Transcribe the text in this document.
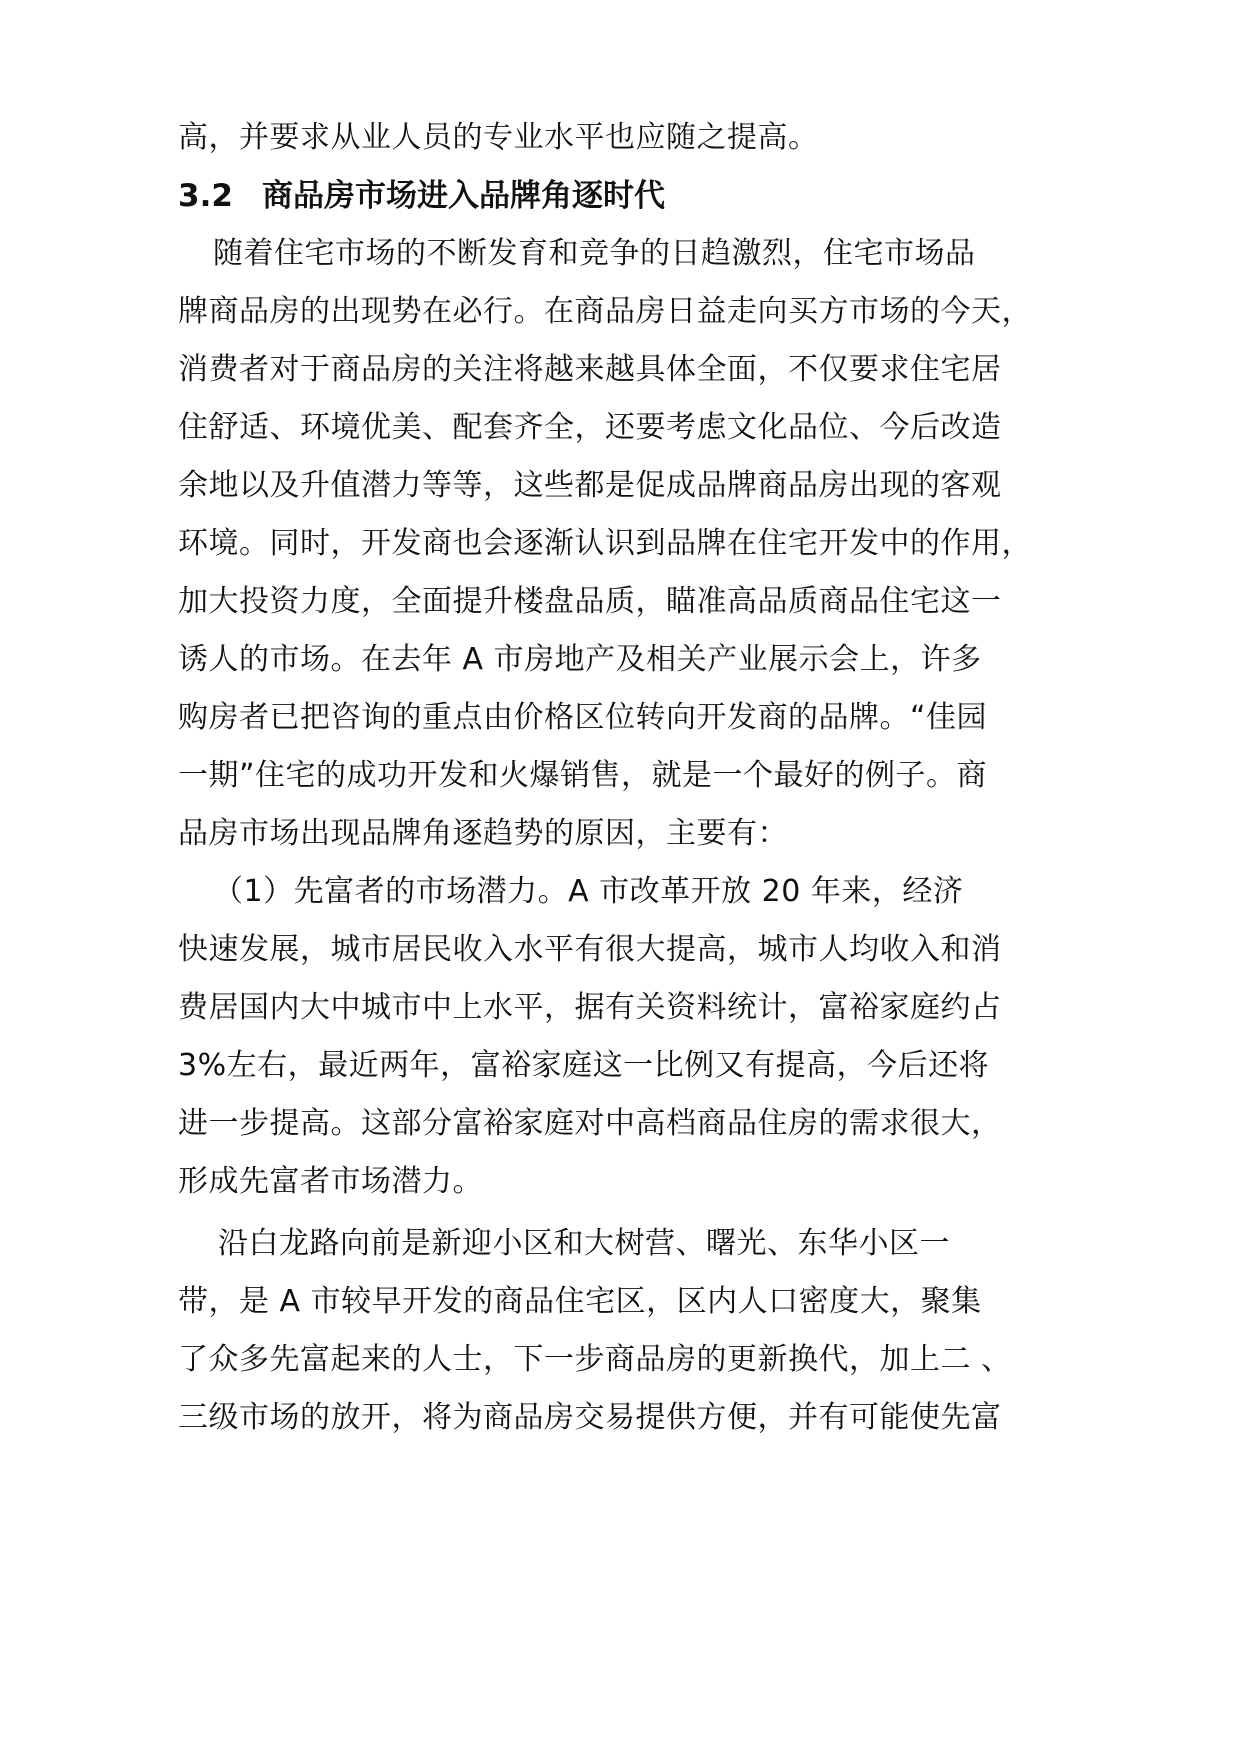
高，并要求从业人员的专业水平也应随之提高。
3.2 商品房市场进入品牌角逐时代
随着住宅市场的不断发育和竞争的日趋激烈，住宅市场品
牌商品房的出现势在必行。在商品房日益走向买方市场的今天，
消费者对于商品房的关注将越来越具体全面，不仅要求住宅居
住舒适、环境优美、配套齐全，还要考虑文化品位、今后改造
余地以及升值潜力等等，这些都是促成品牌商品房出现的客观
环境。同时，开发商也会逐渐认识到品牌在住宅开发中的作用，
加大投资力度，全面提升楼盘品质，瞄准高品质商品住宅这一
诱人的市场。在去年 A 市房地产及相关产业展示会上，许多
购房者已把咨询的重点由价格区位转向开发商的品牌。“佳园
一期”住宅的成功开发和火爆销售，就是一个最好的例子。商
品房市场出现品牌角逐趋势的原因，主要有：
（1）先富者的市场潜力。A 市改革开放 20 年来，经济
快速发展，城市居民收入水平有很大提高，城市人均收入和消
费居国内大中城市中上水平，据有关资料统计，富裕家庭约占
3%左右，最近两年，富裕家庭这一比例又有提高，今后还将
进一步提高。这部分富裕家庭对中高档商品住房的需求很大，
形成先富者市场潜力。
沿白龙路向前是新迎小区和大树营、曙光、东华小区一
带，是 A 市较早开发的商品住宅区，区内人口密度大，聚集
了众多先富起来的人士，下一步商品房的更新换代，加上二 、
三级市场的放开，将为商品房交易提供方便，并有可能使先富
